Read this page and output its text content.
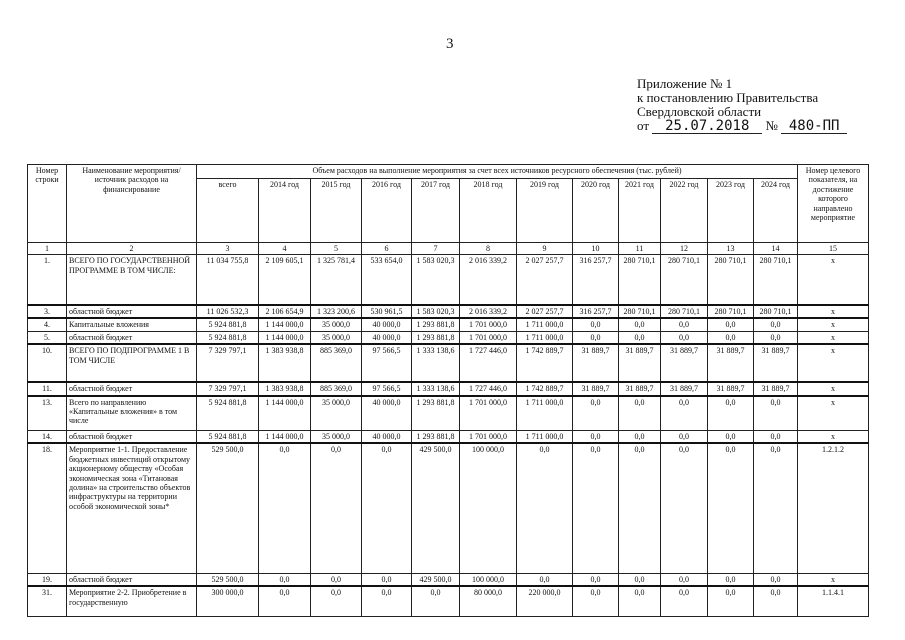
3
Приложение № 1
к постановлению Правительства
Свердловской области
от 25.07.2018 № 480-ПП
Номер строки	Наименование мероприятия/источник расходов на финансирование	Объем расходов на выполнение мероприятия за счет всех источников ресурсного обеспечения (тыс. рублей)												Номер целевого показателя, на достижение которого направлено мероприятие
		всего	2014 год	2015 год	2016 год	2017 год	2018 год	2019 год	2020 год	2021 год	2022 год	2023 год	2024 год	
1	2	3	4	5	6	7	8	9	10	11	12	13	14	15
1.	ВСЕГО ПО ГОСУДАРСТВЕННОЙ ПРОГРАММЕ В ТОМ ЧИСЛЕ:	11 034 755,8	2 109 605,1	1 325 781,4	533 654,0	1 583 020,3	2 016 339,2	2 027 257,7	316 257,7	280 710,1	280 710,1	280 710,1	280 710,1	х
3.	областной бюджет	11 026 532,3	2 106 654,9	1 323 200,6	530 961,5	1 583 020,3	2 016 339,2	2 027 257,7	316 257,7	280 710,1	280 710,1	280 710,1	280 710,1	х
4.	Капитальные вложения	5 924 881,8	1 144 000,0	35 000,0	40 000,0	1 293 881,8	1 701 000,0	1 711 000,0	0,0	0,0	0,0	0,0	0,0	х
5.	областной бюджет	5 924 881,8	1 144 000,0	35 000,0	40 000,0	1 293 881,8	1 701 000,0	1 711 000,0	0,0	0,0	0,0	0,0	0,0	х
10.	ВСЕГО ПО ПОДПРОГРАММЕ 1 В ТОМ ЧИСЛЕ	7 329 797,1	1 383 938,8	885 369,0	97 566,5	1 333 138,6	1 727 446,0	1 742 889,7	31 889,7	31 889,7	31 889,7	31 889,7	31 889,7	х
11.	областной бюджет	7 329 797,1	1 383 938,8	885 369,0	97 566,5	1 333 138,6	1 727 446,0	1 742 889,7	31 889,7	31 889,7	31 889,7	31 889,7	31 889,7	х
13.	Всего по направлению «Капитальные вложения» в том числе	5 924 881,8	1 144 000,0	35 000,0	40 000,0	1 293 881,8	1 701 000,0	1 711 000,0	0,0	0,0	0,0	0,0	0,0	х
14.	областной бюджет	5 924 881,8	1 144 000,0	35 000,0	40 000,0	1 293 881,8	1 701 000,0	1 711 000,0	0,0	0,0	0,0	0,0	0,0	х
18.	Мероприятие 1-1. Предоставление бюджетных инвестиций открытому акционерному обществу «Особая экономическая зона «Титановая долина» на строительство объектов инфраструктуры на территории особой экономической зоны*	529 500,0	0,0	0,0	0,0	429 500,0	100 000,0	0,0	0,0	0,0	0,0	0,0	0,0	1.2.1.2
19.	областной бюджет	529 500,0	0,0	0,0	0,0	429 500,0	100 000,0	0,0	0,0	0,0	0,0	0,0	0,0	х
31.	Мероприятие 2-2. Приобретение в государственную	300 000,0	0,0	0,0	0,0	0,0	80 000,0	220 000,0	0,0	0,0	0,0	0,0	0,0	1.1.4.1
